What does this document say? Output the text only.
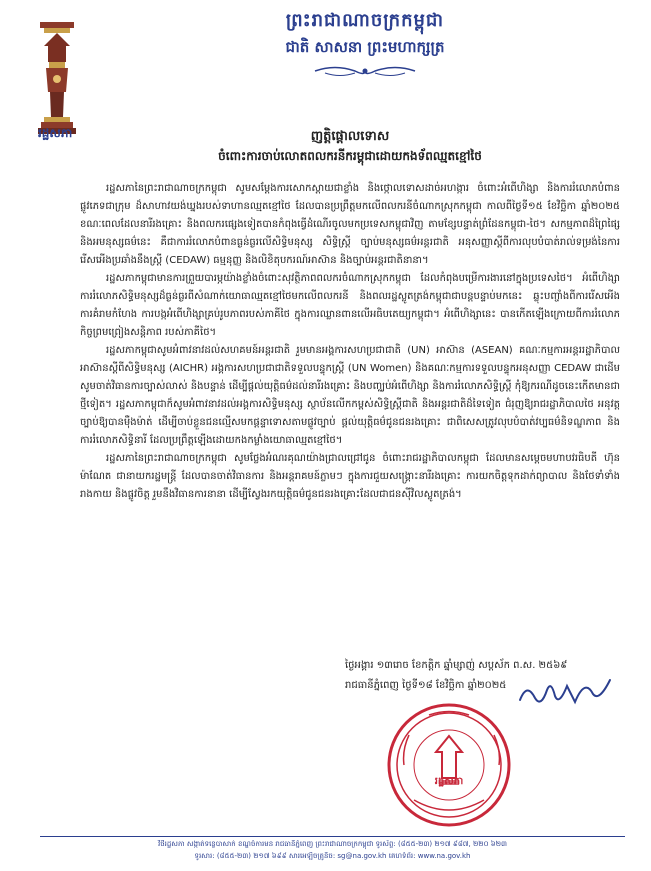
ព្រះរាជាណាចក្រកម្ពុជា
ជាតិ សាសនា ព្រះមហាក្សត្រ
រដ្ឋសភា	ញត្តិផ្ដោលទោស
ចំពោះការចាប់លោតពលករនីករម្ពុជាដោយកងទ័ពឈ្មតខ្មៅថៃ

រដ្ឋសភានៃព្រះរាជាណាចក្រកម្ពុជា សូមសម្ដែងការសោកស្ដាយជាខ្លាំង និងថ្កោលទោសដាច់អហង្ការ ចំពោះអំពើហិង្សា និងការរំលោភបំពានផ្លូវភេទជាក្រុម ដ៏សាហាវយង់ឃ្នងរបស់ទាហានឈ្មតខ្មៅថៃ ដែលបានប្រព្រឹត្តមកលើពលករនីចំណាកស្រុកកម្ពុជា កាលពីថ្ងៃទី១៥ ខែវិច្ឆិកា ឆ្នាំ២០២៥ ខណៈពេលដែលនារីរងគ្រោះ និងពលករផ្សេងទៀតបានកំពុងធ្វើដំណើរចូលមកប្រទេសកម្ពុជាវិញ តាមខ្សែបន្ទាត់ព្រំដែនកម្ពុជា-ថៃ។ សកម្មភាពដ៏ព្រៃផ្សៃ និងអមនុស្សធម៌នេះ គឺជាការរំលោភបំពានធ្ងន់ធ្ងរលើសិទ្ធិមនុស្ស សិទ្ធិស្ត្រី ច្បាប់មនុស្សធម៌អន្តរជាតិ អនុសញ្ញាស្ដីពីការលុបបំបាត់រាល់ទម្រង់នៃការរើសអើងប្រឆាំងនឹងស្ត្រី (CEDAW) ធម្មនុញ្ញ និងលិខិតុបករណ៍អាស៊ាន និងច្បាប់អន្តរជាតិនានា។

រដ្ឋសភាកម្ពុជាមានការព្រួយបារម្ភយ៉ាងខ្លាំងចំពោះសុវត្ថិភាពពលករចំណាកស្រុកកម្ពុជា ដែលកំពុងបម្រើការងារនៅក្នុងប្រទេសថៃ។ អំពើហិង្សា ការរំលោភសិទ្ធិមនុស្សដ៏ធ្ងន់ធ្ងរពីសំណាក់យោធាឈ្មតខ្មៅថៃមកលើពលករនី និងពលរដ្ឋស្លូតត្រង់កម្ពុជាជាបន្តបន្ទាប់មកនេះ ឆ្លុះបញ្ចាំងពីការរើសអើង ការគំរាមកំហែង ការបង្កអំពើហិង្សាគ្រប់រូបភាពរបស់ភាគីថៃ ក្នុងការឈ្លានពានលើអធិបតេយ្យកម្ពុជា។ អំពើហិង្សានេះ បានកើតឡើងក្រោយពីការរំលោភកិច្ចព្រមព្រៀងសន្តិភាព របស់ភាគីថៃ។

រដ្ឋសភាកម្ពុជាសូមអំពាវនាវដល់សហគមន៍អន្តរជាតិ រួមមានអង្គការសហប្រជាជាតិ (UN) អាស៊ាន (ASEAN) គណៈកម្មការអន្តររដ្ឋាភិបាលអាស៊ានស្ដីពីសិទ្ធិមនុស្ស (AICHR) អង្គការសហប្រជាជាតិទទួលបន្ទុកស្ត្រី (UN Women) និងគណៈកម្មការទទួលបន្ទុកអនុសញ្ញា CEDAW ជាដើម សូមចាត់វិធានការច្បាស់លាស់ និងបន្ទាន់ ដើម្បីផ្ដល់យុត្តិធម៌ដល់នារីរងគ្រោះ និងបញ្ឈប់អំពើហិង្សា និងការរំលោភសិទ្ធិស្ត្រី កុំឱ្យករណីដូចនេះកើតមានជាថ្មីទៀត។ រដ្ឋសភាកម្ពុជាក៏សូមអំពាវនាវដល់អង្គការសិទ្ធិមនុស្ស ស្ថាប័នលើកកម្ពស់សិទ្ធិស្ត្រីជាតិ និងអន្តរជាតិដ៏ទៃទៀត ជំរុញឱ្យរាជរដ្ឋាភិបាលថៃ អនុវត្តច្បាប់ឱ្យបានម៉ឺងម៉ាត់ ដើម្បីចាប់ខ្លួនជនល្មើសមកផ្ដន្ទាទោសតាមផ្លូវច្បាប់ ផ្ដល់យុត្តិធម៌ជូនជនរងគ្រោះ ជាពិសេសត្រូវលុបបំបាត់វប្បធម៌និទណ្ឌភាព និងការរំលោភសិទ្ធិនារី ដែលប្រព្រឹត្តឡើងដោយកងកម្លាំងយោធាឈ្មតខ្មៅថៃ។

រដ្ឋសភានៃព្រះរាជាណាចក្រកម្ពុជា សូមថ្លែងអំណរគុណយ៉ាងជ្រាលជ្រៅជូន ចំពោះរាជរដ្ឋាភិបាលកម្ពុជា ដែលមានសម្ដេចមហាបវរធិបតី ហ៊ុន ម៉ាណែត ជានាយករដ្ឋមន្ត្រី ដែលបានចាត់វិធានការ និងអន្តរាគមន៍ភ្លាមៗ ក្នុងការជួយសង្គ្រោះនារីរងគ្រោះ ការយកចិត្តទុកដាក់ព្យាបាល និងថែទាំទាំងរាងកាយ និងផ្លូវចិត្ត រួមនឹងវិធានការនានា ដើម្បីស្វែងរកយុត្តិធម៌ជូនជនរងគ្រោះដែលជាជនស៊ីវិលស្លូតត្រង់។

ថ្ងៃអង្គារ ១៣រោច ខែកត្តិក ឆ្នាំម្សាញ់ សប្ដស័ក ព.ស. ២៥៦៩
រាជធានីភ្នំពេញ ថ្ងៃទី១៨ ខែវិច្ឆិកា ឆ្នាំ២០២៥
រដ្ឋសភា
វិថីរដ្ឋសភា សង្កាត់ទន្លេបាសាក់ ខណ្ឌចំការមន រាជធានីភ្នំពេញ ព្រះរាជាណាចក្រកម្ពុជា ទូរស័ព្ទ: (៨៥៥-២៣) ២១៧ ៩៨៧, ២២០ ៦២៣
ទូរសារ: (៨៥៥-២៣) ២១៧ ៦៩៩ សារអេឡិចត្រូនិច: sg@na.gov.kh គេហទំព័រ: www.na.gov.kh
